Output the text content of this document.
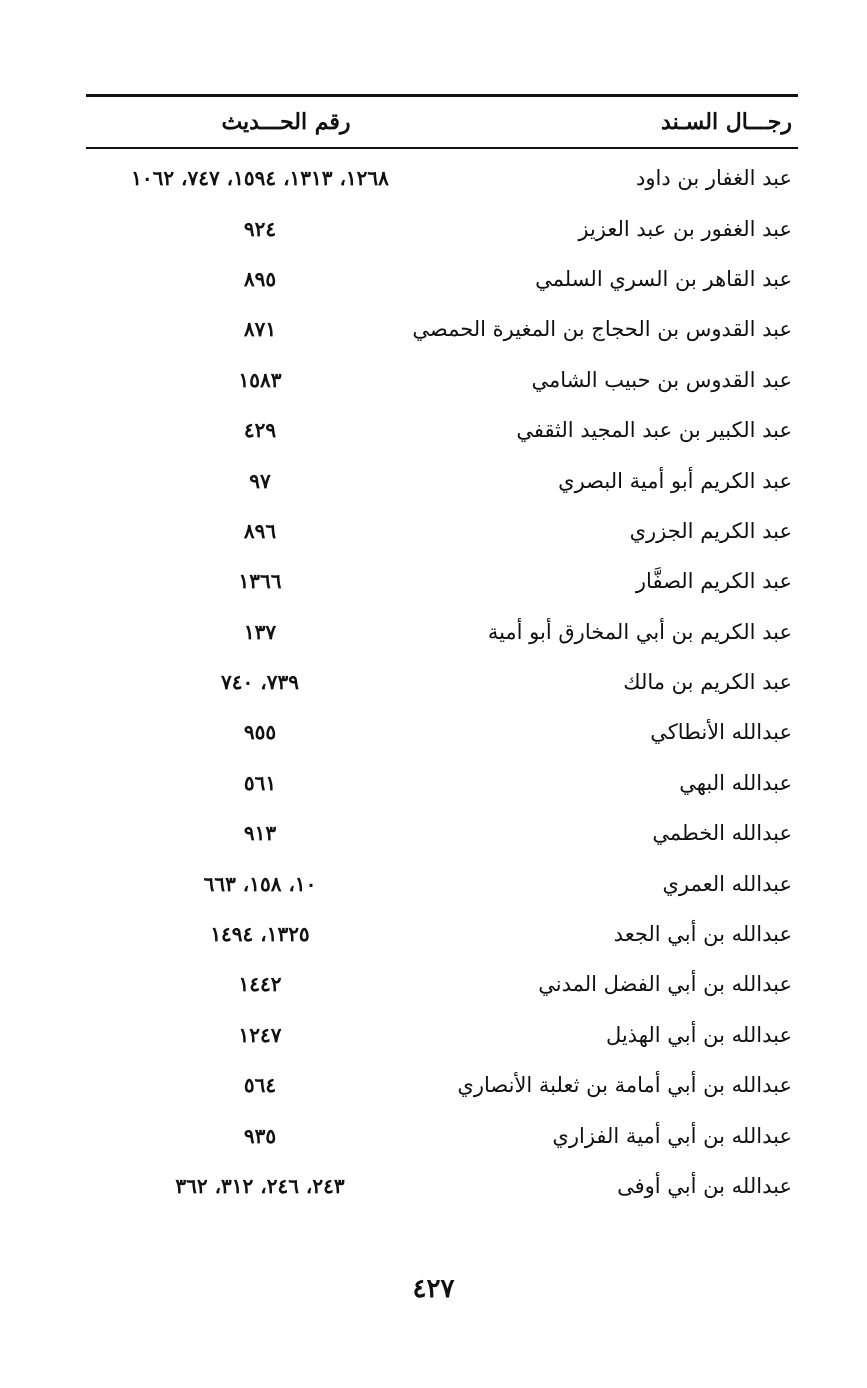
رجـــال السـند
رقم الحـــديث
عبد الغفار بن داود
١٢٦٨، ١٣١٣، ١٥٩٤، ٧٤٧، ١٠٦٢
عبد الغفور بن عبد العزيز
٩٢٤
عبد القاهر بن السري السلمي
٨٩٥
عبد القدوس بن الحجاج بن المغيرة الحمصي
٨٧١
عبد القدوس بن حبيب الشامي
١٥٨٣
عبد الكبير بن عبد المجيد الثقفي
٤٢٩
عبد الكريم أبو أمية البصري
٩٧
عبد الكريم الجزري
٨٩٦
عبد الكريم الصفَّار
١٣٦٦
عبد الكريم بن أبي المخارق أبو أمية
١٣٧
عبد الكريم بن مالك
٧٣٩، ٧٤٠
عبدالله الأنطاكي
٩٥٥
عبدالله البهي
٥٦١
عبدالله الخطمي
٩١٣
عبدالله العمري
١٠، ١٥٨، ٦٦٣
عبدالله بن أبي الجعد
١٣٢٥، ١٤٩٤
عبدالله بن أبي الفضل المدني
١٤٤٢
عبدالله بن أبي الهذيل
١٢٤٧
عبدالله بن أبي أمامة بن ثعلبة الأنصاري
٥٦٤
عبدالله بن أبي أمية الفزاري
٩٣٥
عبدالله بن أبي أوفى
٢٤٣، ٢٤٦، ٣١٢، ٣٦٢
٤٢٧
